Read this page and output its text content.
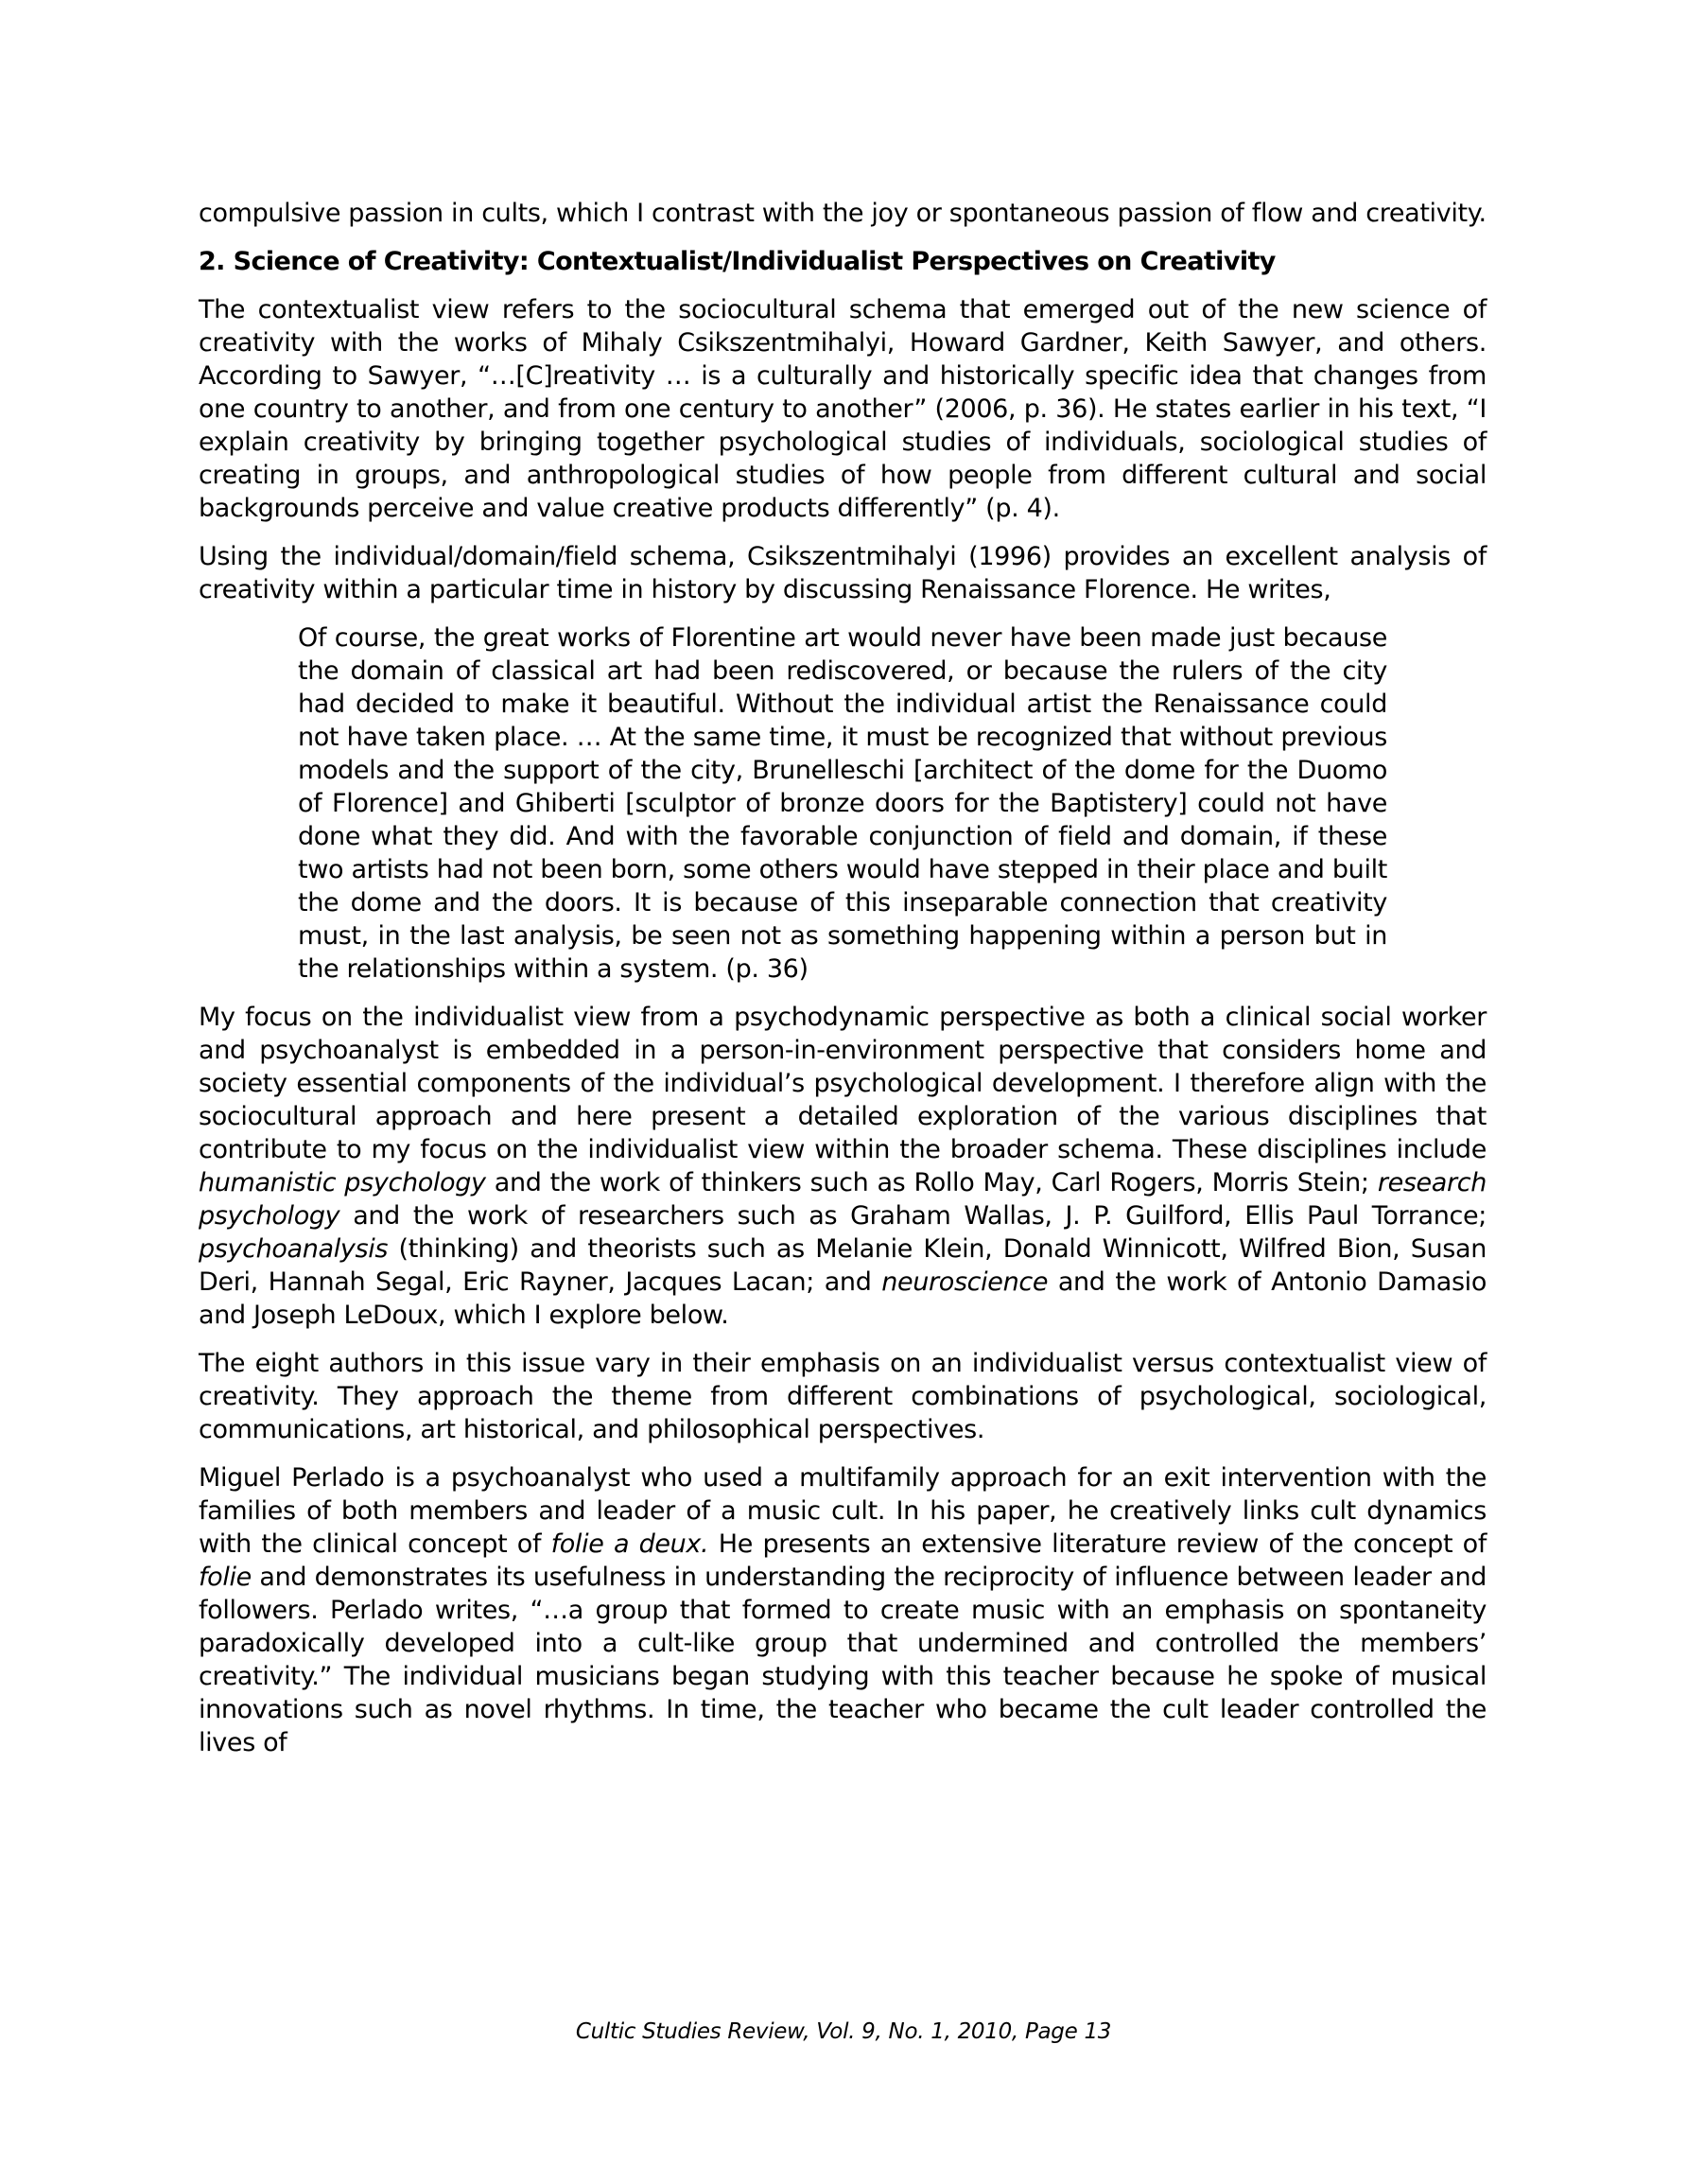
compulsive passion in cults, which I contrast with the joy or spontaneous passion of flow and creativity.

2. Science of Creativity: Contextualist/Individualist Perspectives on Creativity

The contextualist view refers to the sociocultural schema that emerged out of the new science of creativity with the works of Mihaly Csikszentmihalyi, Howard Gardner, Keith Sawyer, and others. According to Sawyer, “…[C]reativity … is a culturally and historically specific idea that changes from one country to another, and from one century to another” (2006, p. 36). He states earlier in his text, “I explain creativity by bringing together psychological studies of individuals, sociological studies of creating in groups, and anthropological studies of how people from different cultural and social backgrounds perceive and value creative products differently” (p. 4).

Using the individual/domain/field schema, Csikszentmihalyi (1996) provides an excellent analysis of creativity within a particular time in history by discussing Renaissance Florence. He writes,

Of course, the great works of Florentine art would never have been made just because the domain of classical art had been rediscovered, or because the rulers of the city had decided to make it beautiful. Without the individual artist the Renaissance could not have taken place. … At the same time, it must be recognized that without previous models and the support of the city, Brunelleschi [architect of the dome for the Duomo of Florence] and Ghiberti [sculptor of bronze doors for the Baptistery] could not have done what they did. And with the favorable conjunction of field and domain, if these two artists had not been born, some others would have stepped in their place and built the dome and the doors. It is because of this inseparable connection that creativity must, in the last analysis, be seen not as something happening within a person but in the relationships within a system. (p. 36)

My focus on the individualist view from a psychodynamic perspective as both a clinical social worker and psychoanalyst is embedded in a person-in-environment perspective that considers home and society essential components of the individual’s psychological development. I therefore align with the sociocultural approach and here present a detailed exploration of the various disciplines that contribute to my focus on the individualist view within the broader schema. These disciplines include humanistic psychology and the work of thinkers such as Rollo May, Carl Rogers, Morris Stein; research psychology and the work of researchers such as Graham Wallas, J. P. Guilford, Ellis Paul Torrance; psychoanalysis (thinking) and theorists such as Melanie Klein, Donald Winnicott, Wilfred Bion, Susan Deri, Hannah Segal, Eric Rayner, Jacques Lacan; and neuroscience and the work of Antonio Damasio and Joseph LeDoux, which I explore below.

The eight authors in this issue vary in their emphasis on an individualist versus contextualist view of creativity. They approach the theme from different combinations of psychological, sociological, communications, art historical, and philosophical perspectives.

Miguel Perlado is a psychoanalyst who used a multifamily approach for an exit intervention with the families of both members and leader of a music cult. In his paper, he creatively links cult dynamics with the clinical concept of folie a deux. He presents an extensive literature review of the concept of folie and demonstrates its usefulness in understanding the reciprocity of influence between leader and followers. Perlado writes, “…a group that formed to create music with an emphasis on spontaneity paradoxically developed into a cult-like group that undermined and controlled the members’ creativity.” The individual musicians began studying with this teacher because he spoke of musical innovations such as novel rhythms. In time, the teacher who became the cult leader controlled the lives of

Cultic Studies Review, Vol. 9, No. 1, 2010, Page 13
